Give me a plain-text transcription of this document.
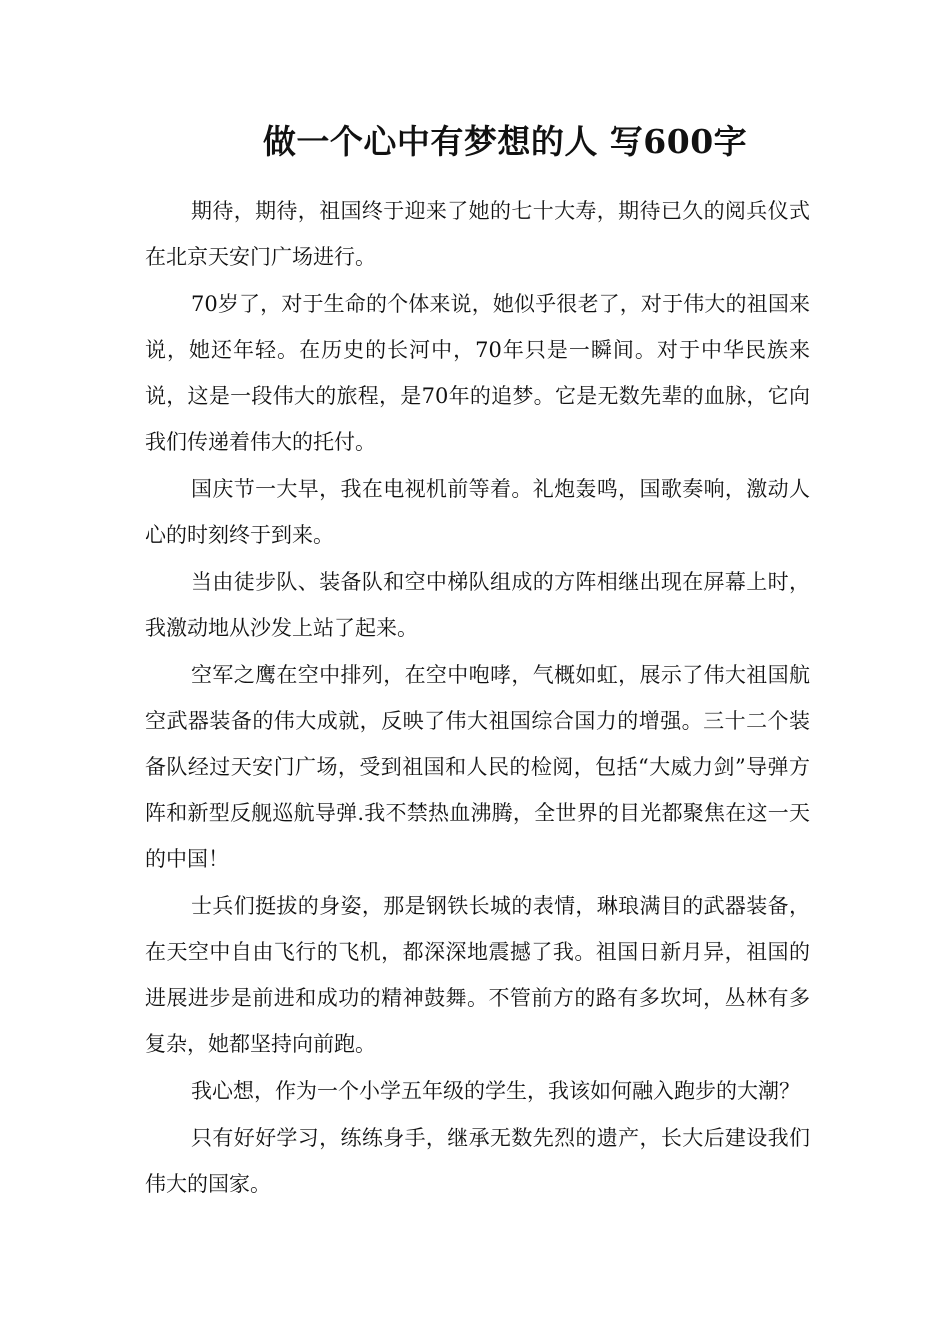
做一个心中有梦想的人 写600字

期待，期待，祖国终于迎来了她的七十大寿，期待已久的阅兵仪式在北京天安门广场进行。

70岁了，对于生命的个体来说，她似乎很老了，对于伟大的祖国来说，她还年轻。在历史的长河中，70年只是一瞬间。对于中华民族来说，这是一段伟大的旅程，是70年的追梦。它是无数先辈的血脉，它向我们传递着伟大的托付。

国庆节一大早，我在电视机前等着。礼炮轰鸣，国歌奏响，激动人心的时刻终于到来。

当由徒步队、装备队和空中梯队组成的方阵相继出现在屏幕上时，我激动地从沙发上站了起来。

空军之鹰在空中排列，在空中咆哮，气概如虹，展示了伟大祖国航空武器装备的伟大成就，反映了伟大祖国综合国力的增强。三十二个装备队经过天安门广场，受到祖国和人民的检阅，包括“大威力剑”导弹方阵和新型反舰巡航导弹.我不禁热血沸腾，全世界的目光都聚焦在这一天的中国！

士兵们挺拔的身姿，那是钢铁长城的表情，琳琅满目的武器装备，在天空中自由飞行的飞机，都深深地震撼了我。祖国日新月异，祖国的进展进步是前进和成功的精神鼓舞。不管前方的路有多坎坷，丛林有多复杂，她都坚持向前跑。

我心想，作为一个小学五年级的学生，我该如何融入跑步的大潮？

只有好好学习，练练身手，继承无数先烈的遗产，长大后建设我们伟大的国家。
